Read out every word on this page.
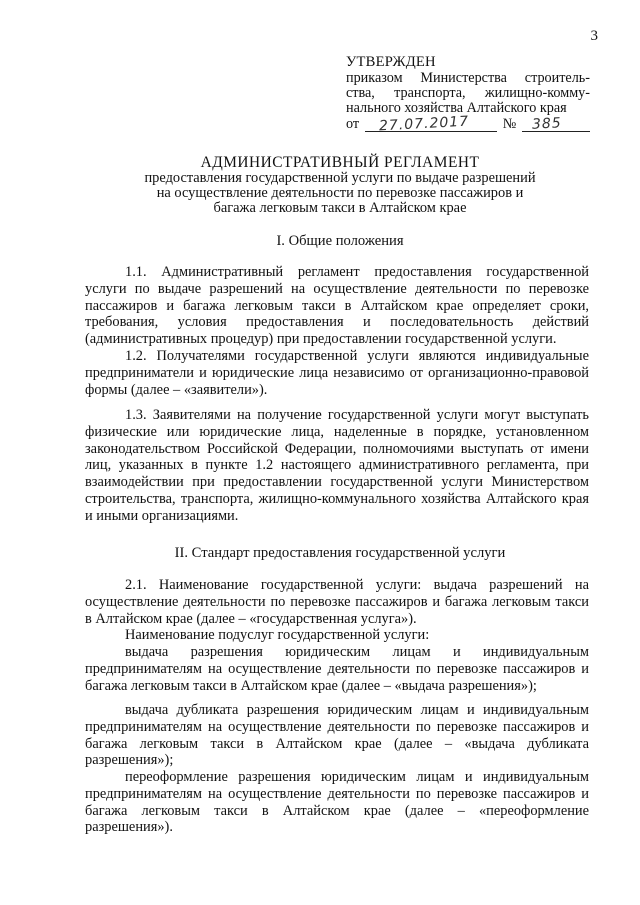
3
УТВЕРЖДЕН
приказом Министерства строитель-
ства, транспорта, жилищно-комму-
нального хозяйства Алтайского края
от 27.07.2017 № 385
АДМИНИСТРАТИВНЫЙ РЕГЛАМЕНТ
предоставления государственной услуги по выдаче разрешений
на осуществление деятельности по перевозке пассажиров и
багажа легковым такси в Алтайском крае
I. Общие положения
1.1. Административный регламент предоставления государственной услуги по выдаче разрешений на осуществление деятельности по перевозке пассажиров и багажа легковым такси в Алтайском крае определяет сроки, требования, условия предоставления и последовательность действий (административных процедур) при предоставлении государственной услуги.
1.2. Получателями государственной услуги являются индивидуальные предприниматели и юридические лица независимо от организационно-правовой формы (далее – «заявители»).
1.3. Заявителями на получение государственной услуги могут выступать физические или юридические лица, наделенные в порядке, установленном законодательством Российской Федерации, полномочиями выступать от имени лиц, указанных в пункте 1.2 настоящего административного регламента, при взаимодействии при предоставлении государственной услуги Министерством строительства, транспорта, жилищно-коммунального хозяйства Алтайского края и иными организациями.
II. Стандарт предоставления государственной услуги
2.1. Наименование государственной услуги: выдача разрешений на осуществление деятельности по перевозке пассажиров и багажа легковым такси в Алтайском крае (далее – «государственная услуга»).
Наименование подуслуг государственной услуги:
выдача разрешения юридическим лицам и индивидуальным предпринимателям на осуществление деятельности по перевозке пассажиров и багажа легковым такси в Алтайском крае (далее – «выдача разрешения»);
выдача дубликата разрешения юридическим лицам и индивидуальным предпринимателям на осуществление деятельности по перевозке пассажиров и багажа легковым такси в Алтайском крае (далее – «выдача дубликата разрешения»);
переоформление разрешения юридическим лицам и индивидуальным предпринимателям на осуществление деятельности по перевозке пассажиров и багажа легковым такси в Алтайском крае (далее – «переоформление разрешения»).
